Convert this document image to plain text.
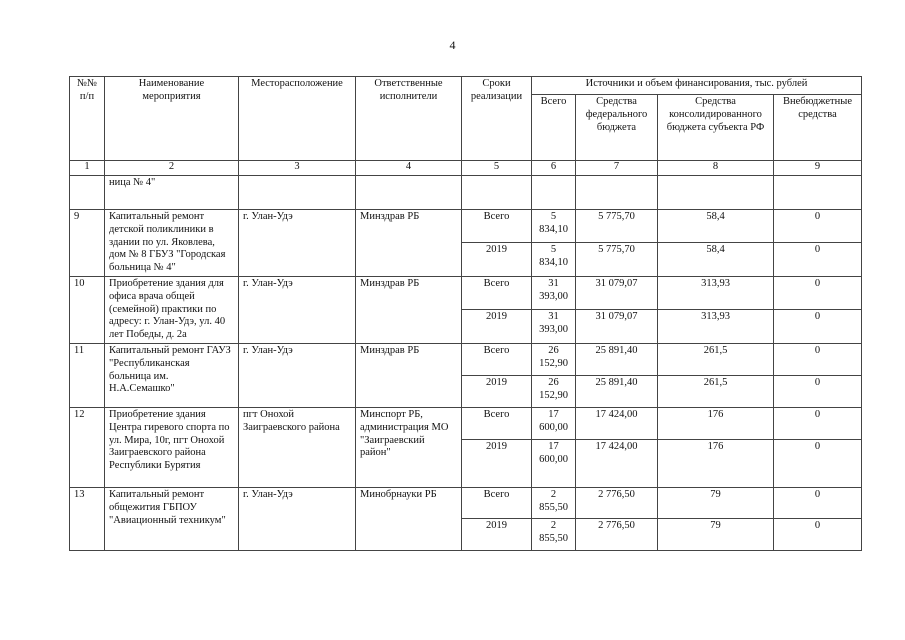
4
№№ п/п	Наименование мероприятия	Месторасположение	Ответственные исполнители	Сроки реализации	Источники и объем финансирования, тыс. рублей			
					Всего	Средства федерального бюджета	Средства консолидированного бюджета субъекта РФ	Внебюджетные средства
1	2	3	4	5	6	7	8	9
	ница № 4"							
9	Капитальный ремонт детской поликлиники в здании по ул. Яковлева, дом № 8 ГБУЗ "Городская больница № 4"	г. Улан-Удэ	Минздрав РБ	Всего	5 834,10	5 775,70	58,4	0
				2019	5 834,10	5 775,70	58,4	0
10	Приобретение здания для офиса врача общей (семейной) практики по адресу: г. Улан-Удэ, ул. 40 лет Победы, д. 2а	г. Улан-Удэ	Минздрав РБ	Всего	31 393,00	31 079,07	313,93	0
				2019	31 393,00	31 079,07	313,93	0
11	Капитальный ремонт ГАУЗ "Республиканская больница им. Н.А.Семашко"	г. Улан-Удэ	Минздрав РБ	Всего	26 152,90	25 891,40	261,5	0
				2019	26 152,90	25 891,40	261,5	0
12	Приобретение здания Центра гиревого спорта по ул. Мира, 10г, пгт Онохой Заиграевского района Республики Бурятия	пгт Онохой Заиграевского района	Минспорт РБ, администрация МО "Заиграевский район"	Всего	17 600,00	17 424,00	176	0
				2019	17 600,00	17 424,00	176	0
13	Капитальный ремонт общежития ГБПОУ "Авиационный техникум"	г. Улан-Удэ	Минобрнауки РБ	Всего	2 855,50	2 776,50	79	0
				2019	2 855,50	2 776,50	79	0
